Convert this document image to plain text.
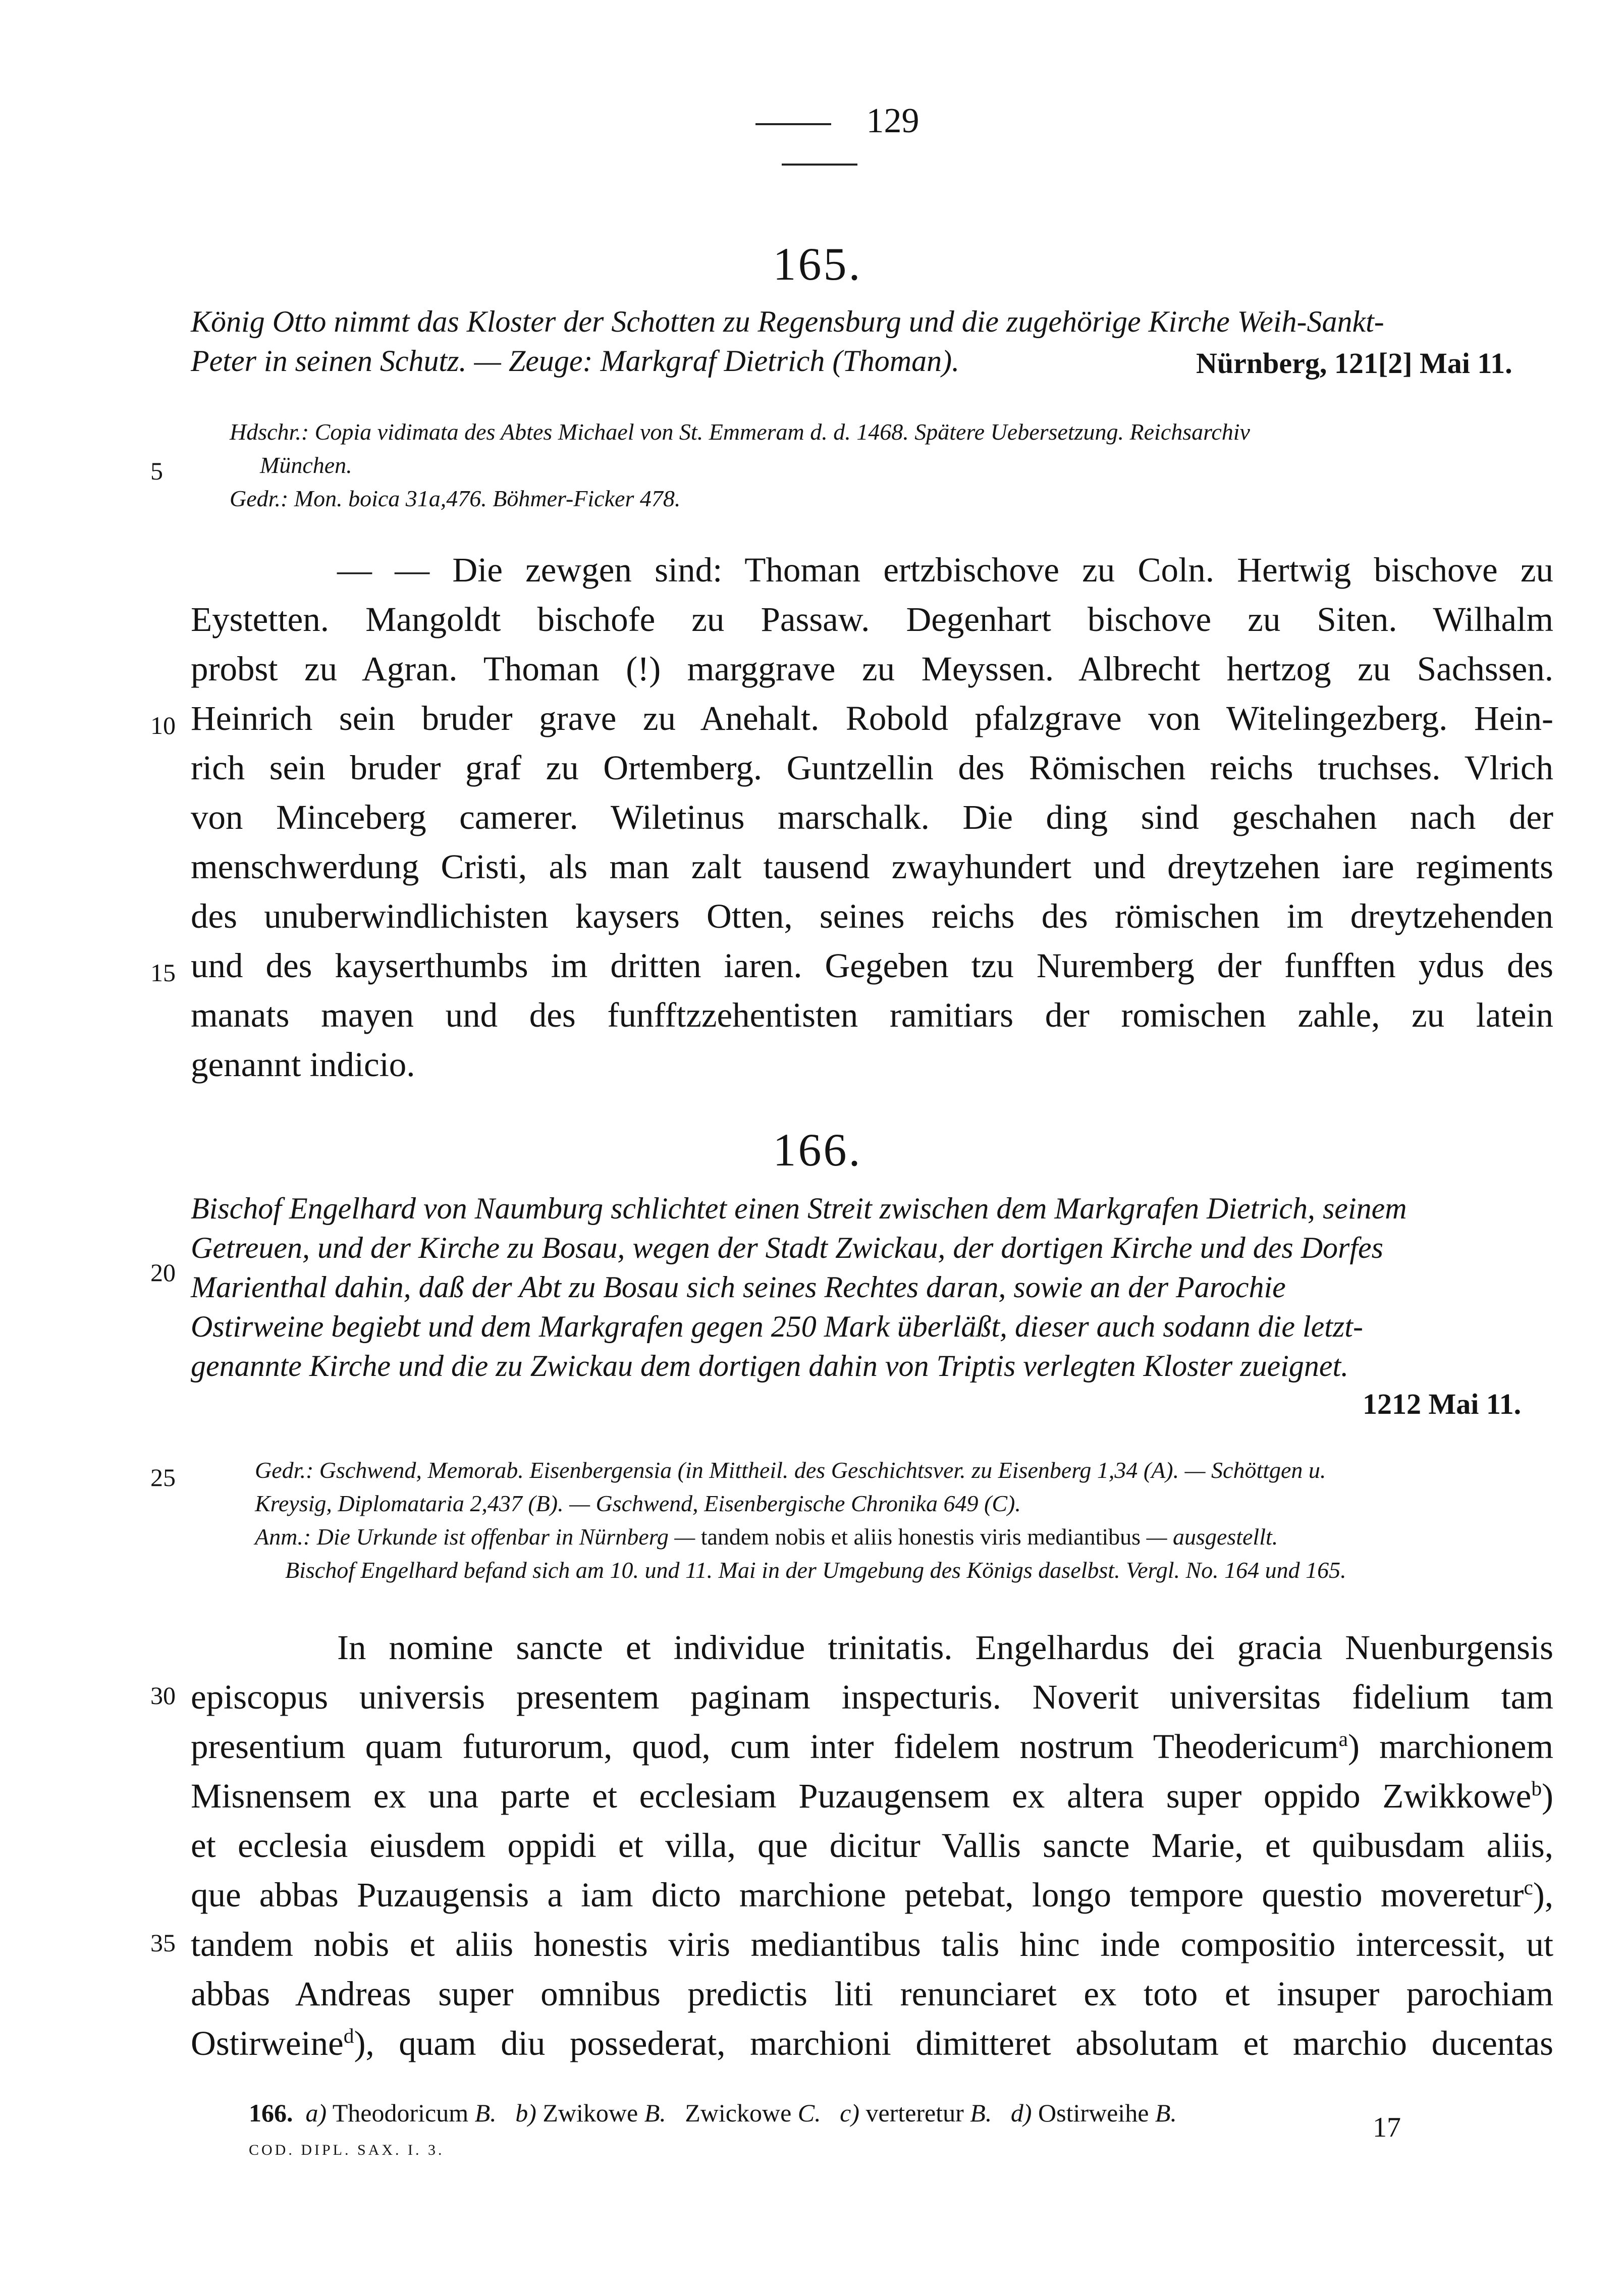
129
165.
König Otto nimmt das Kloster der Schotten zu Regensburg und die zugehörige Kirche Weih-Sankt-
Peter in seinen Schutz. — Zeuge: Markgraf Dietrich (Thoman).	Nürnberg, 121[2] Mai 11.
Hdschr.: Copia vidimata des Abtes Michael von St. Emmeram d. d. 1468. Spätere Uebersetzung. Reichsarchiv
München.
Gedr.: Mon. boica 31a,476. Böhmer-Ficker 478.
— — Die zewgen sind: Thoman ertzbischove zu Coln. Hertwig bischove zu
Eystetten. Mangoldt bischofe zu Passaw. Degenhart bischove zu Siten. Wilhalm
probst zu Agran. Thoman (!) marggrave zu Meyssen. Albrecht hertzog zu Sachssen.
Heinrich sein bruder grave zu Anehalt. Robold pfalzgrave von Witelingezberg. Hein-
rich sein bruder graf zu Ortemberg. Guntzellin des Römischen reichs truchses. Vlrich
von Minceberg camerer. Wiletinus marschalk. Die ding sind geschahen nach der
menschwerdung Cristi, als man zalt tausend zwayhundert und dreytzehen iare regiments
des unuberwindlichisten kaysers Otten, seines reichs des römischen im dreytzehenden
und des kayserthumbs im dritten iaren. Gegeben tzu Nuremberg der funfften ydus des
manats mayen und des funfftzzehentisten ramitiars der romischen zahle, zu latein
genannt indicio.
166.
Bischof Engelhard von Naumburg schlichtet einen Streit zwischen dem Markgrafen Dietrich, seinem
Getreuen, und der Kirche zu Bosau, wegen der Stadt Zwickau, der dortigen Kirche und des Dorfes
Marienthal dahin, daß der Abt zu Bosau sich seines Rechtes daran, sowie an der Parochie
Ostirweine begiebt und dem Markgrafen gegen 250 Mark überläßt, dieser auch sodann die letzt-
genannte Kirche und die zu Zwickau dem dortigen dahin von Triptis verlegten Kloster zueignet.
1212 Mai 11.
Gedr.: Gschwend, Memorab. Eisenbergensia (in Mittheil. des Geschichtsver. zu Eisenberg 1,34 (A). — Schöttgen u.
Kreysig, Diplomataria 2,437 (B). — Gschwend, Eisenbergische Chronika 649 (C).
Anm.: Die Urkunde ist offenbar in Nürnberg — tandem nobis et aliis honestis viris mediantibus — ausgestellt.
Bischof Engelhard befand sich am 10. und 11. Mai in der Umgebung des Königs daselbst. Vergl. No. 164 und 165.
In nomine sancte et individue trinitatis. Engelhardus dei gracia Nuenburgensis
episcopus universis presentem paginam inspecturis. Noverit universitas fidelium tam
presentium quam futurorum, quod, cum inter fidelem nostrum Theodericum$^a$) marchionem
Misnensem ex una parte et ecclesiam Puzaugensem ex altera super oppido Zwikkowe$^b$)
et ecclesia eiusdem oppidi et villa, que dicitur Vallis sancte Marie, et quibusdam aliis,
que abbas Puzaugensis a iam dicto marchione petebat, longo tempore questio moveretur$^c$),
tandem nobis et aliis honestis viris mediantibus talis hinc inde compositio intercessit, ut
abbas Andreas super omnibus predictis liti renunciaret ex toto et insuper parochiam
Ostirweine$^d$), quam diu possederat, marchioni dimitteret absolutam et marchio ducentas
5
10
15
20
25
30
35
166. a) Theodoricum B. b) Zwikowe B. Zwickowe C. c) verteretur B. d) Ostirweihe B.	17
COD. DIPL. SAX. I. 3.
